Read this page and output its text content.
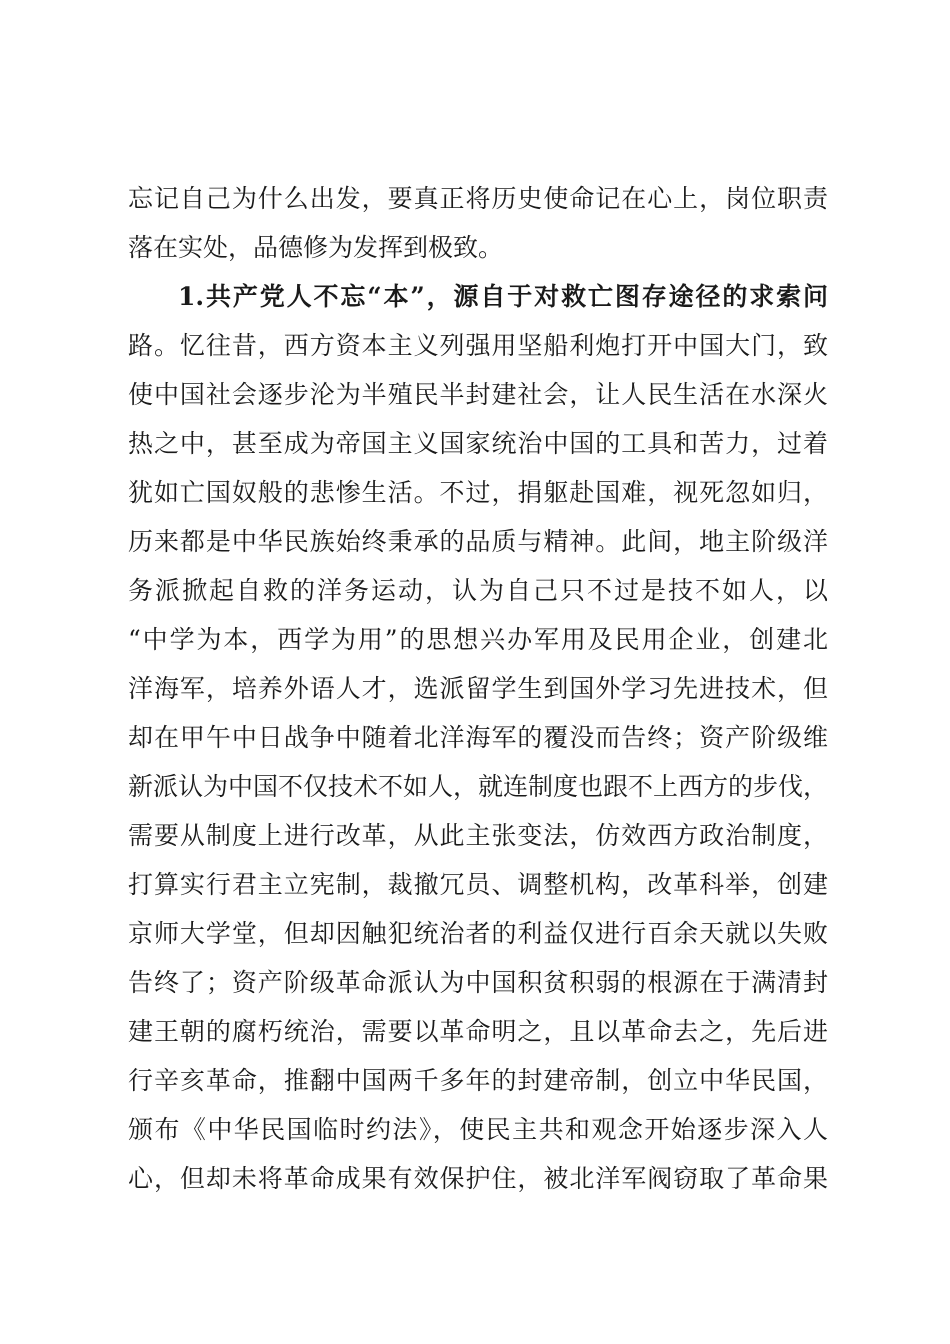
忘记自己为什么出发，要真正将历史使命记在心上，岗位职责
落在实处，品德修为发挥到极致。
1.共产党人不忘“本”，源自于对救亡图存途径的求索问
路。忆往昔，西方资本主义列强用坚船利炮打开中国大门，致
使中国社会逐步沦为半殖民半封建社会，让人民生活在水深火
热之中，甚至成为帝国主义国家统治中国的工具和苦力，过着
犹如亡国奴般的悲惨生活。不过，捐躯赴国难，视死忽如归，
历来都是中华民族始终秉承的品质与精神。此间，地主阶级洋
务派掀起自救的洋务运动，认为自己只不过是技不如人，以
“中学为本，西学为用”的思想兴办军用及民用企业，创建北
洋海军，培养外语人才，选派留学生到国外学习先进技术，但
却在甲午中日战争中随着北洋海军的覆没而告终；资产阶级维
新派认为中国不仅技术不如人，就连制度也跟不上西方的步伐，
需要从制度上进行改革，从此主张变法，仿效西方政治制度，
打算实行君主立宪制，裁撤冗员、调整机构，改革科举，创建
京师大学堂，但却因触犯统治者的利益仅进行百余天就以失败
告终了；资产阶级革命派认为中国积贫积弱的根源在于满清封
建王朝的腐朽统治，需要以革命明之，且以革命去之，先后进
行辛亥革命，推翻中国两千多年的封建帝制，创立中华民国，
颁布《中华民国临时约法》，使民主共和观念开始逐步深入人
心，但却未将革命成果有效保护住，被北洋军阀窃取了革命果
